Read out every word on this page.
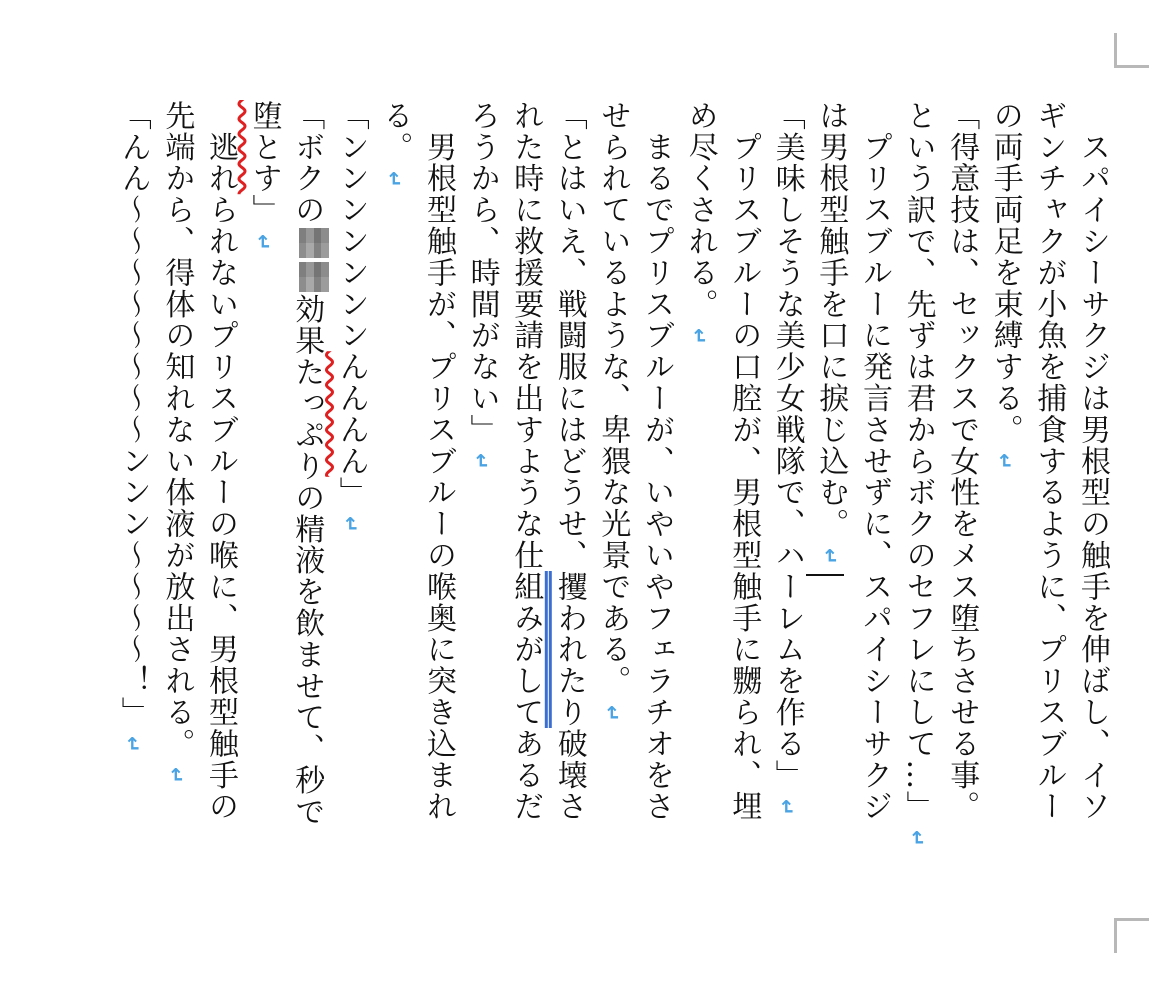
　スパイシーサクジは男根型の触手を伸ばし、イソ
ギンチャクが小魚を捕食するように、プリスブルー
の両手両足を束縛する。↵
「得意技は、セックスで女性をメス堕ちさせる事。
という訳で、先ずは君からボクのセフレにして…」↵
　プリスブルーに発言させずに、スパイシーサクジ
は男根型触手を口に捩じ込む。↵
「美味しそうな美少女戦隊で、ハーレムを作る」↵
　プリスブルーの口腔が、男根型触手に嬲られ、埋
め尽くされる。↵
　まるでプリスブルーが、いやいやフェラチオをさ
せられているような、卑猥な光景である。↵
「とはいえ、戦闘服にはどうせ、攫われたり破壊さ
れた時に救援要請を出すような仕組みがしてあるだ
ろうから、時間がない」↵
　男根型触手が、プリスブルーの喉奥に突き込まれ
る。↵
「ンンンンンンンんんんん」↵
「ボクの効果たっぷりの精液を飲ませて、秒で
堕とす」↵
　逃れられないプリスブルーの喉に、男根型触手の
先端から、得体の知れない体液が放出される。↵
「んん〜〜〜〜〜〜〜〜ンンン〜〜〜〜！」↵
